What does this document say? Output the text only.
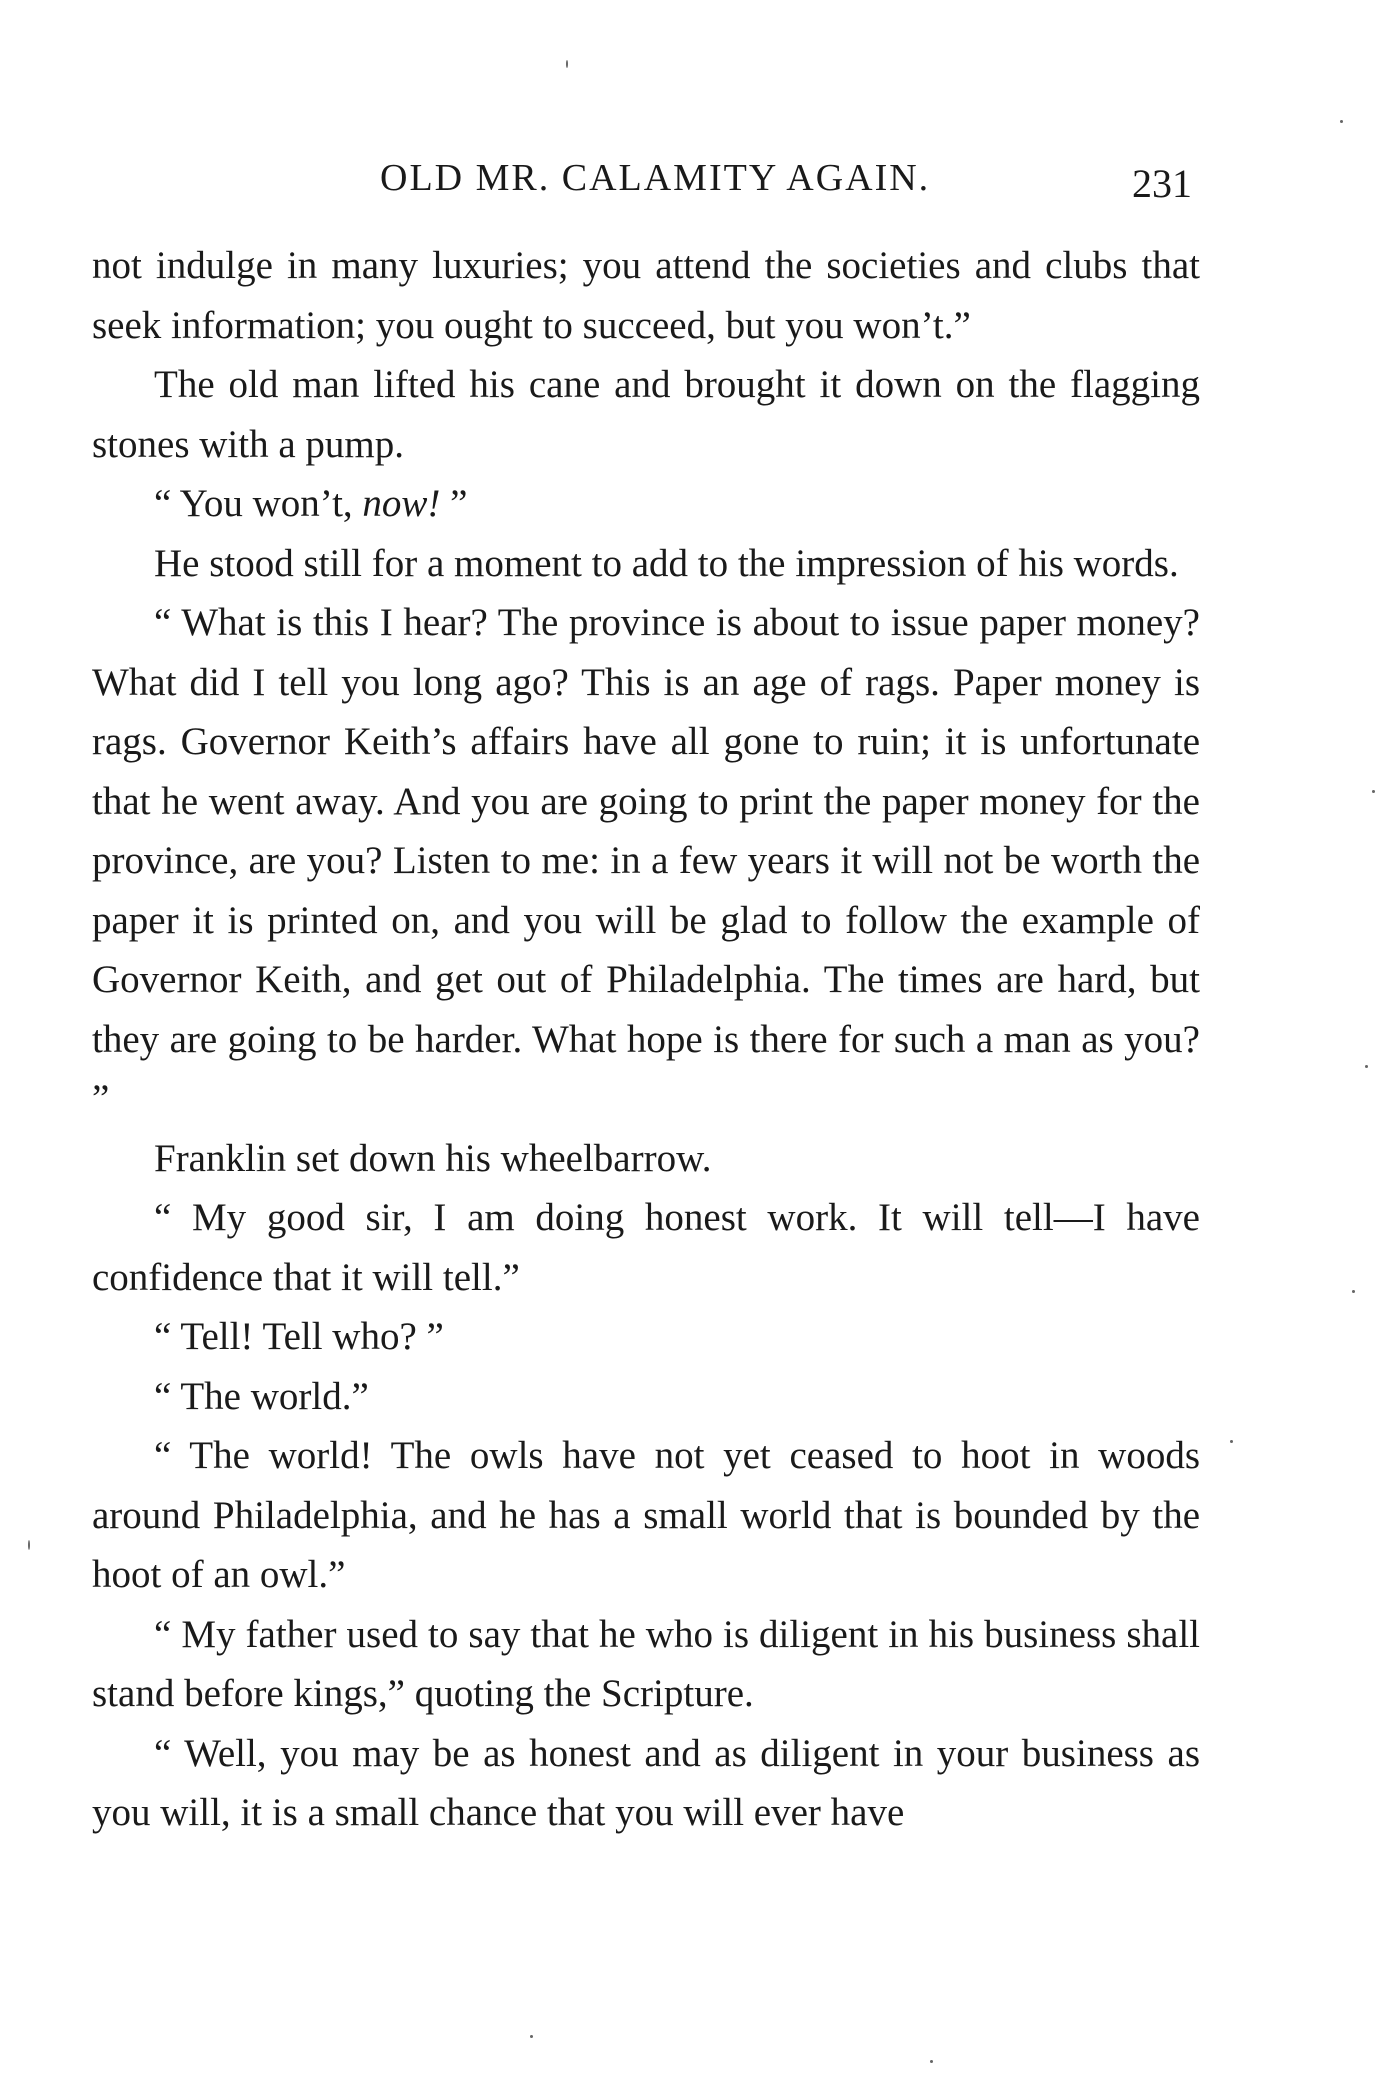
OLD MR. CALAMITY AGAIN.	231

not indulge in many luxuries; you attend the societies and clubs that seek information; you ought to succeed, but you won’t.”

The old man lifted his cane and brought it down on the flagging stones with a pump.

“ You won’t, now! ”

He stood still for a moment to add to the impression of his words.

“ What is this I hear? The province is about to issue paper money? What did I tell you long ago? This is an age of rags. Paper money is rags. Governor Keith’s affairs have all gone to ruin; it is unfortunate that he went away. And you are going to print the paper money for the province, are you? Listen to me: in a few years it will not be worth the paper it is printed on, and you will be glad to follow the example of Governor Keith, and get out of Philadelphia. The times are hard, but they are going to be harder. What hope is there for such a man as you? ”

Franklin set down his wheelbarrow.

“ My good sir, I am doing honest work. It will tell—I have confidence that it will tell.”

“ Tell! Tell who? ”

“ The world.”

“ The world! The owls have not yet ceased to hoot in woods around Philadelphia, and he has a small world that is bounded by the hoot of an owl.”

“ My father used to say that he who is diligent in his business shall stand before kings,” quoting the Scripture.

“ Well, you may be as honest and as diligent in your business as you will, it is a small chance that you will ever have
